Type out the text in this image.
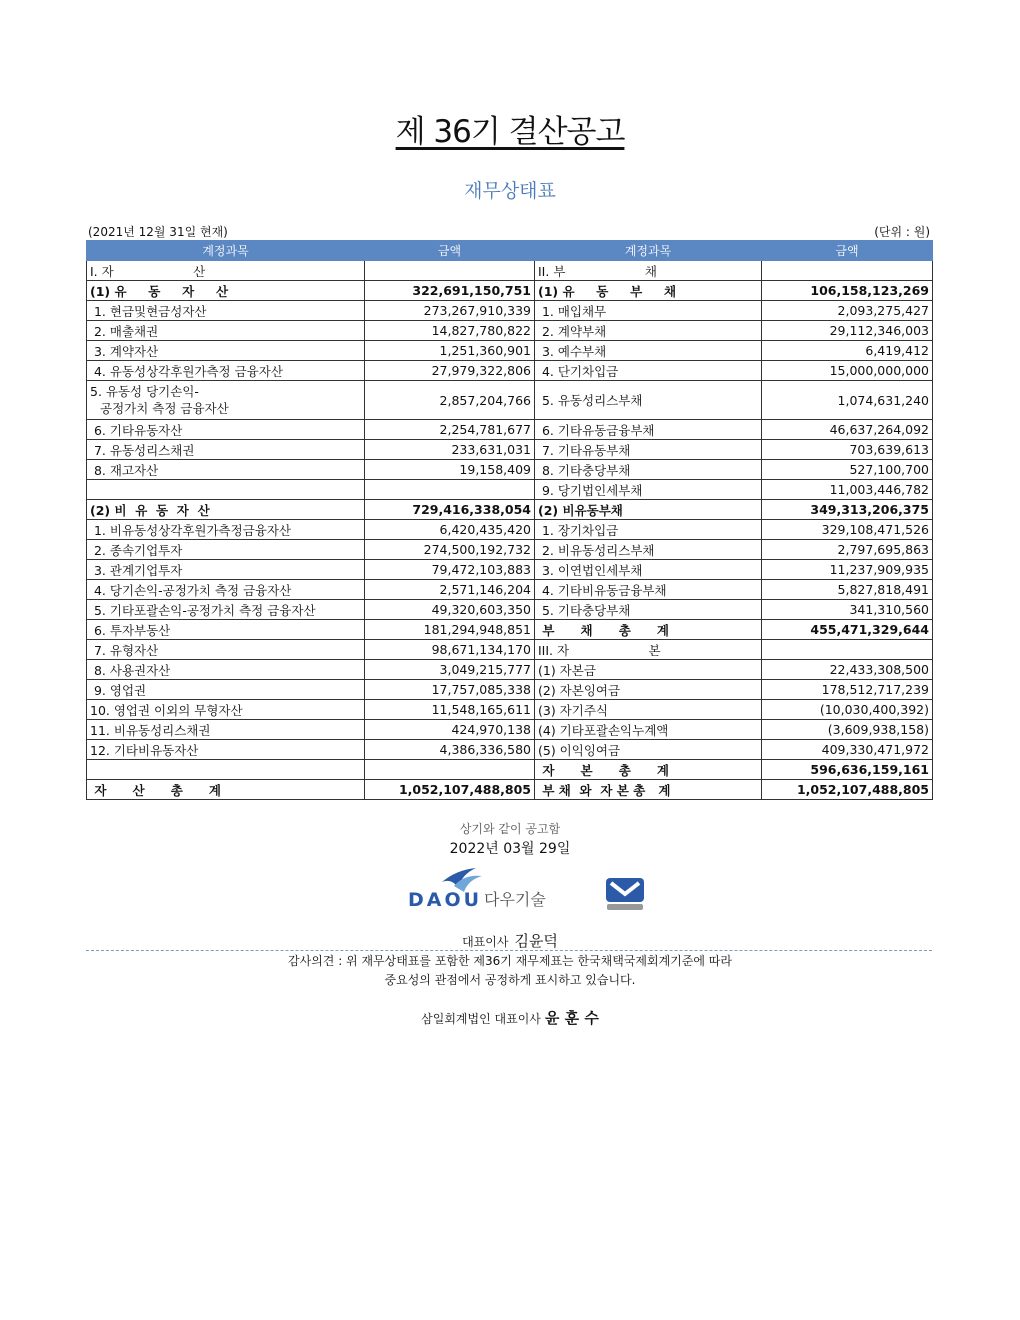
제 36기 결산공고
재무상태표
(2021년 12월 31일 현재)	(단위 : 원)
계정과목	금액	계정과목	금액
I. 자                    산		II. 부                    채	
(1) 유     동     자     산	322,691,150,751	(1) 유     동     부     채	106,158,123,269
1. 현금및현금성자산	273,267,910,339	1. 매입채무	2,093,275,427
2. 매출채권	14,827,780,822	2. 계약부채	29,112,346,003
3. 계약자산	1,251,360,901	3. 예수부채	6,419,412
4. 유동성상각후원가측정 금융자산	27,979,322,806	4. 단기차입금	15,000,000,000

5. 유동성 당기손익-
공정가치 측정 금융자산	2,857,204,766	5. 유동성리스부채	1,074,631,240
6. 기타유동자산	2,254,781,677	6. 기타유동금융부채	46,637,264,092
7. 유동성리스채권	233,631,031	7. 기타유동부채	703,639,613
8. 재고자산	19,158,409	8. 기타충당부채	527,100,700
		9. 당기법인세부채	11,003,446,782
(2) 비  유  동  자  산	729,416,338,054	(2) 비유동부채	349,313,206,375
1. 비유동성상각후원가측정금융자산	6,420,435,420	1. 장기차입금	329,108,471,526
2. 종속기업투자	274,500,192,732	2. 비유동성리스부채	2,797,695,863
3. 관계기업투자	79,472,103,883	3. 이연법인세부채	11,237,909,935
4. 당기손익-공정가치 측정 금융자산	2,571,146,204	4. 기타비유동금융부채	5,827,818,491
5. 기타포괄손익-공정가치 측정 금융자산	49,320,603,350	5. 기타충당부채	341,310,560
6. 투자부동산	181,294,948,851	부      채      총      계	455,471,329,644
7. 유형자산	98,671,134,170	III. 자                    본	
8. 사용권자산	3,049,215,777	(1) 자본금	22,433,308,500
9. 영업권	17,757,085,338	(2) 자본잉여금	178,512,717,239
10. 영업권 이외의 무형자산	11,548,165,611	(3) 자기주식	(10,030,400,392)
11. 비유동성리스채권	424,970,138	(4) 기타포괄손익누계액	(3,609,938,158)
12. 기타비유동자산	4,386,336,580	(5) 이익잉여금	409,330,471,972
		자      본      총      계	596,636,159,161
자      산      총      계	1,052,107,488,805	부 채  와  자 본 총   계	1,052,107,488,805
상기와 같이 공고함
2022년 03월 29일
DAOU 다우기술
대표이사 김윤덕
감사의견 : 위 재무상태표를 포함한 제36기 재무제표는 한국채택국제회계기준에 따라
중요성의 관점에서 공정하게 표시하고 있습니다.
삼일회계법인 대표이사 윤 훈 수
